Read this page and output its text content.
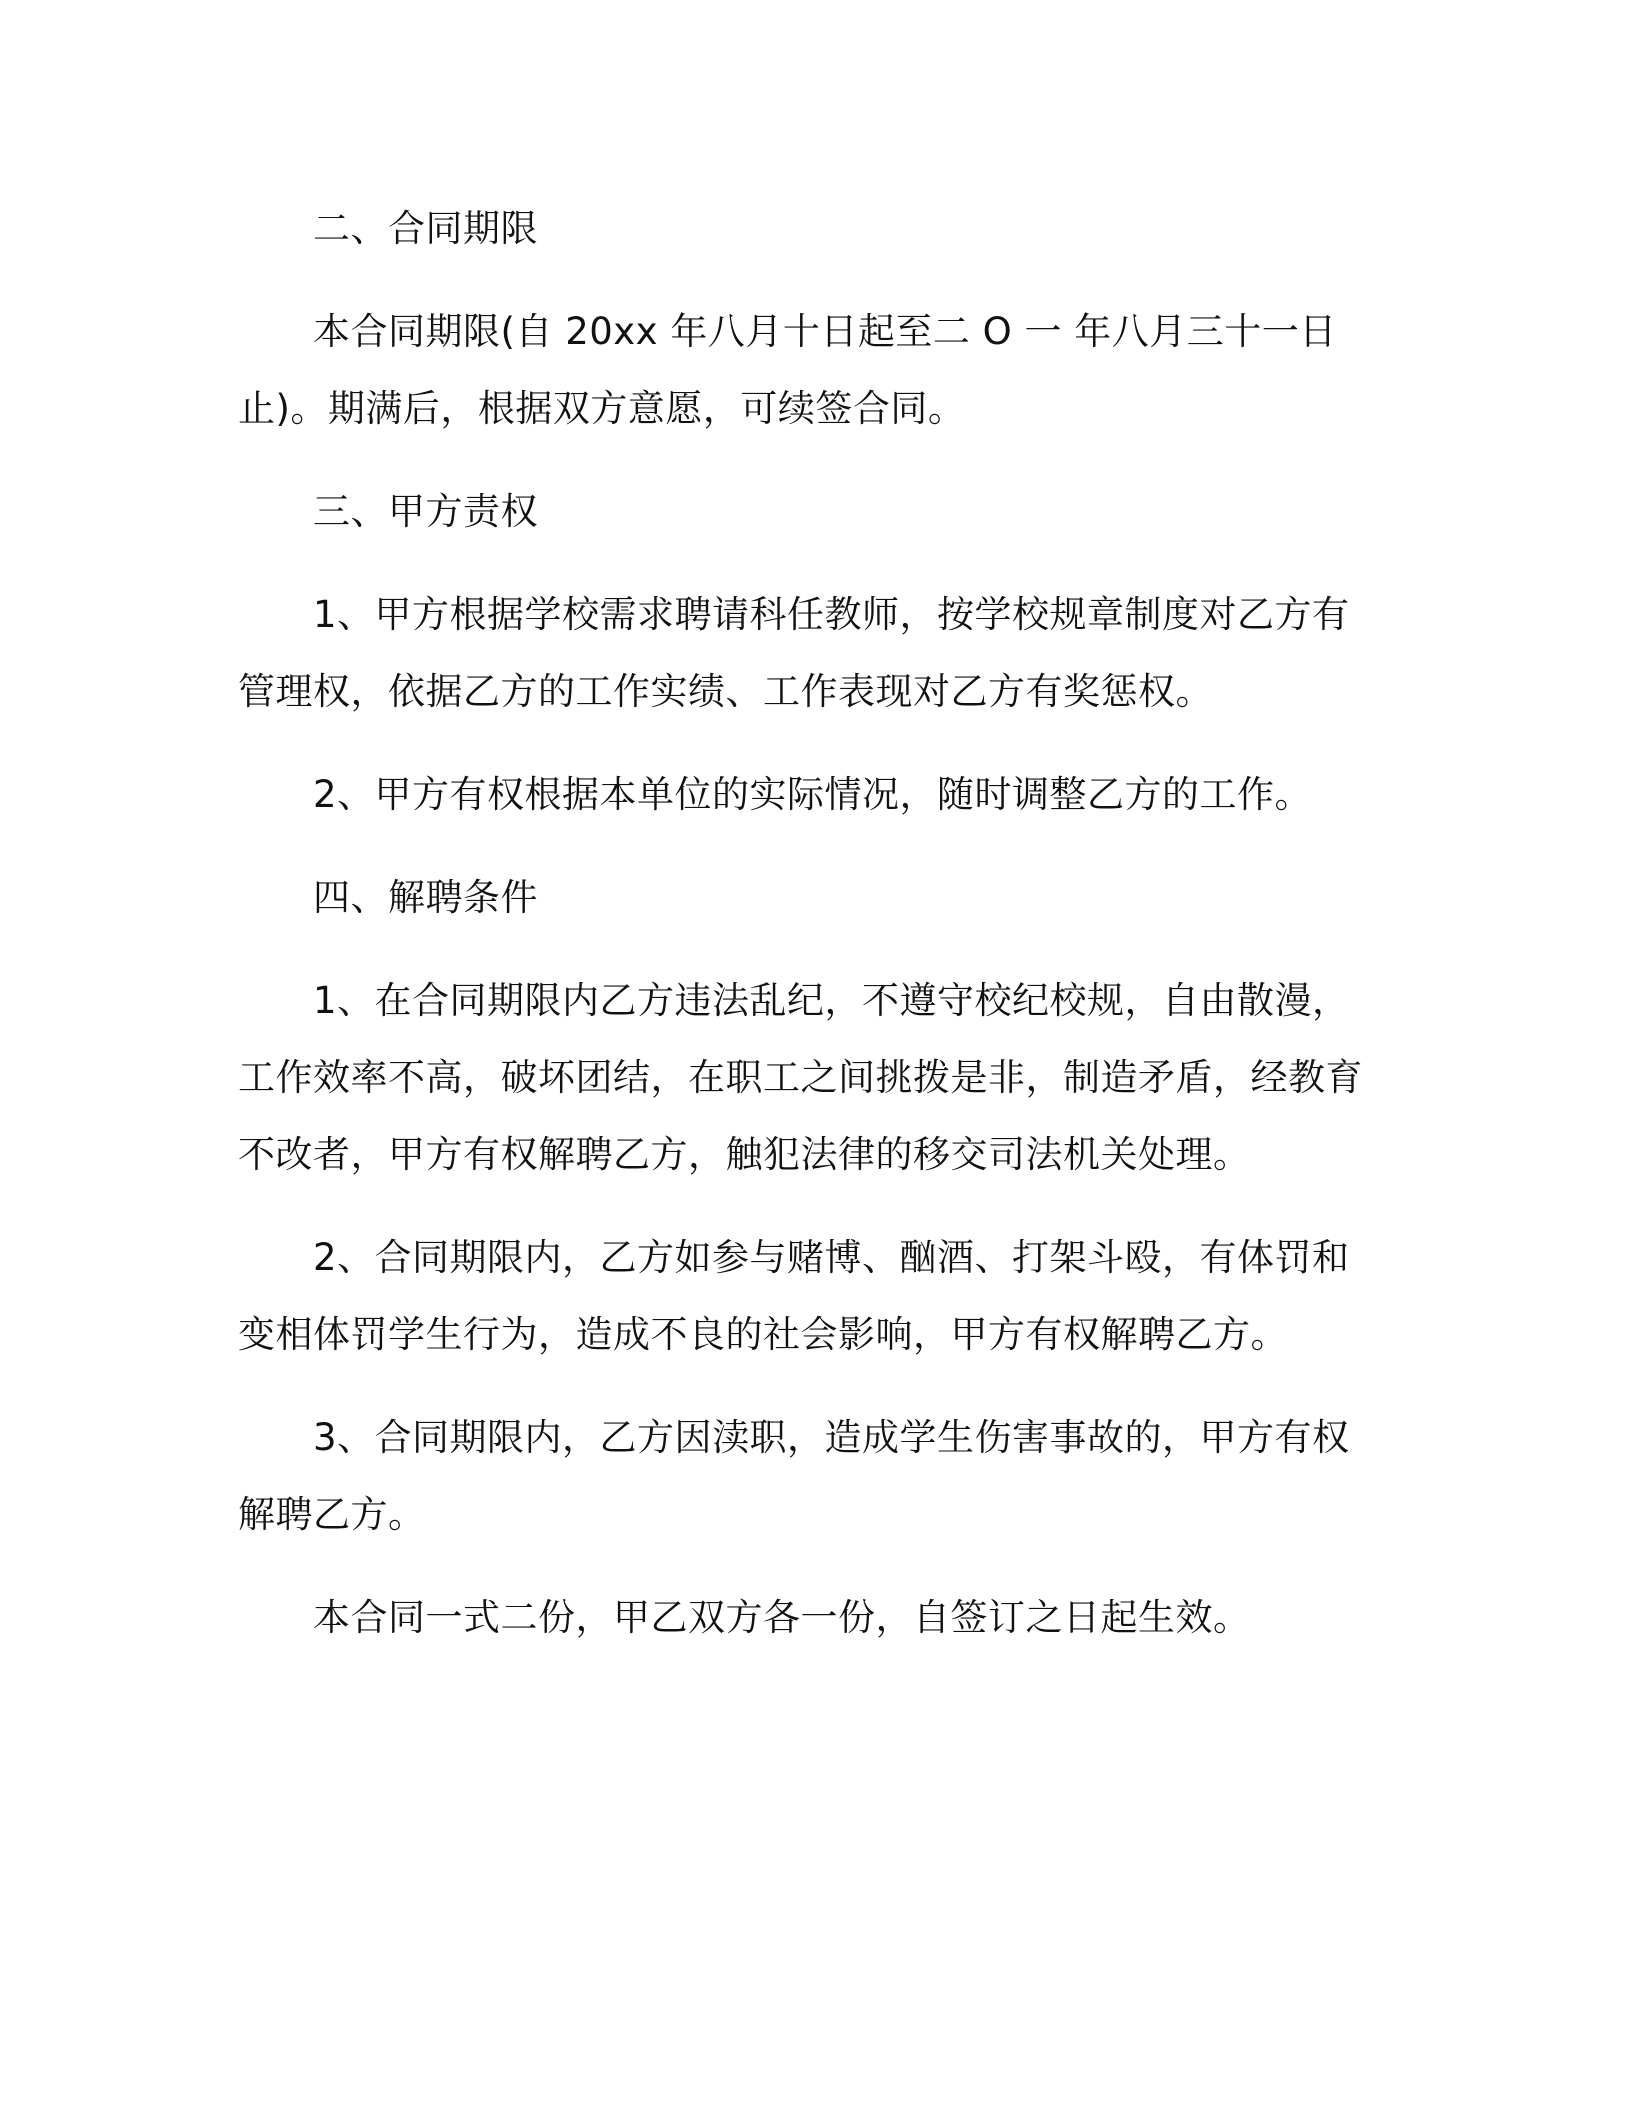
二、合同期限

本合同期限(自 20xx 年八月十日起至二 O 一 年八月三十一日止)。期满后，根据双方意愿，可续签合同。

三、甲方责权

1、甲方根据学校需求聘请科任教师，按学校规章制度对乙方有管理权，依据乙方的工作实绩、工作表现对乙方有奖惩权。

2、甲方有权根据本单位的实际情况，随时调整乙方的工作。

四、解聘条件

1、在合同期限内乙方违法乱纪，不遵守校纪校规，自由散漫，工作效率不高，破坏团结，在职工之间挑拨是非，制造矛盾，经教育不改者，甲方有权解聘乙方，触犯法律的移交司法机关处理。

2、合同期限内，乙方如参与赌博、酗酒、打架斗殴，有体罚和变相体罚学生行为，造成不良的社会影响，甲方有权解聘乙方。

3、合同期限内，乙方因渎职，造成学生伤害事故的，甲方有权解聘乙方。

本合同一式二份，甲乙双方各一份，自签订之日起生效。
